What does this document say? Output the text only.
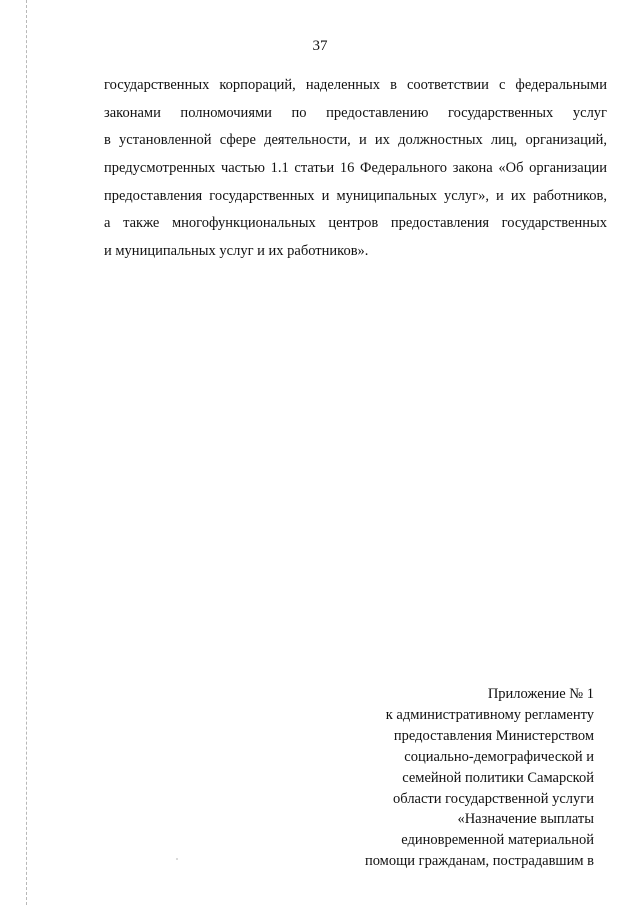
37
государственных корпораций, наделенных в соответствии с федеральными
законами полномочиями по предоставлению государственных услуг
в установленной сфере деятельности, и их должностных лиц, организаций,
предусмотренных частью 1.1 статьи 16 Федерального закона «Об организации
предоставления государственных и муниципальных услуг», и их работников,
а также многофункциональных центров предоставления государственных
и муниципальных услуг и их работников».
Приложение № 1
к административному регламенту
предоставления Министерством
социально-демографической и
семейной политики Самарской
области государственной услуги
«Назначение выплаты
единовременной материальной
помощи гражданам, пострадавшим в
